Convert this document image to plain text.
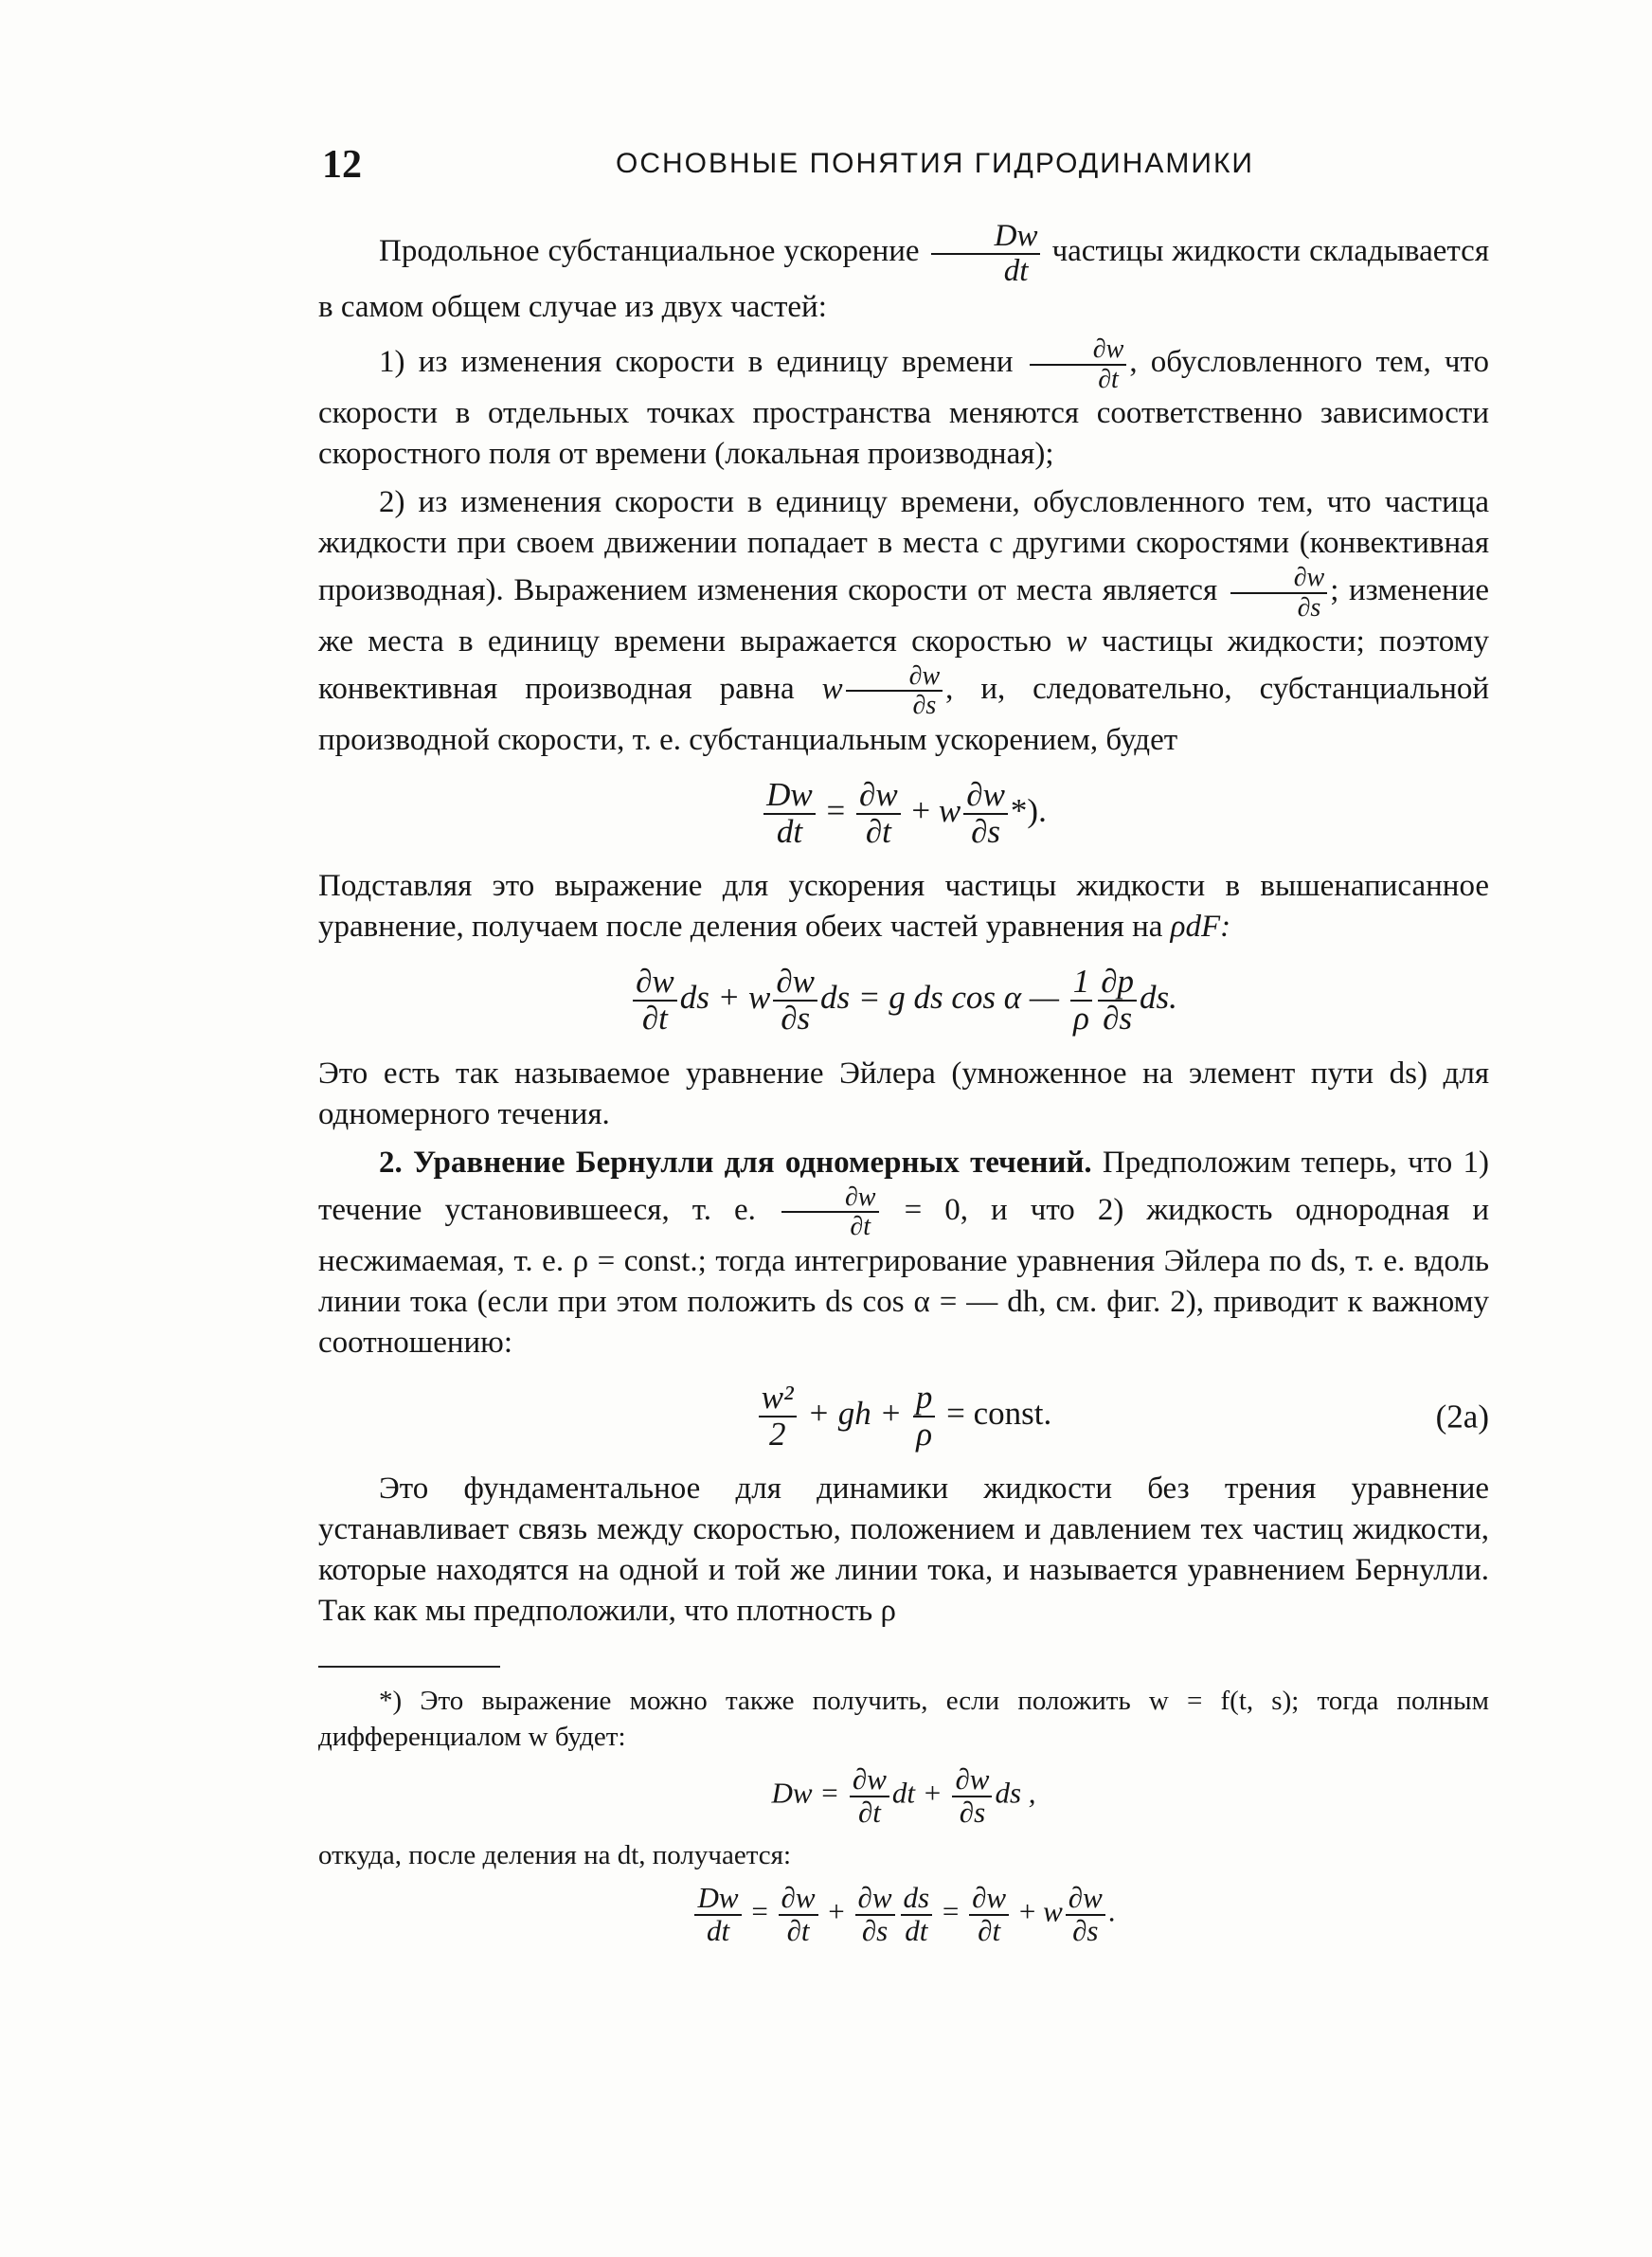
12	ОСНОВНЫЕ ПОНЯТИЯ ГИДРОДИНАМИКИ

Продольное субстанциальное ускорение $\frac{Dw}{dt}$ частицы жидкости складывается в самом общем случае из двух частей:

1) из изменения скорости в единицу времени $\frac{\partial w}{\partial t}$ , обусловленного тем, что скорости в отдельных точках пространства меняются соответственно зависимости скоростного поля от времени (локальная производная);

2) из изменения скорости в единицу времени, обусловленного тем, что частица жидкости при своем движении попадает в места с другими скоростями (конвективная производная). Выражением изменения скорости от места является $\frac{\partial w}{\partial s}$ ; изменение же места в единицу времени выражается скоростью w частицы жидкости; поэтому конвективная производная равна w $\frac{\partial w}{\partial s}$ , и, следовательно, субстанциальной производной скорости, т. е. субстанциальным ускорением, будет

$\frac{Dw}{dt} = \frac{\partial w}{\partial t} + w \frac{\partial w}{\partial s}$ *).

Подставляя это выражение для ускорения частицы жидкости в вышенаписанное уравнение, получаем после деления обеих частей уравнения на ρdF:

$\frac{\partial w}{\partial t}$ ds + w $\frac{\partial w}{\partial s}$ ds = g ds cos α — $\frac{1}{\rho} \frac{\partial p}{\partial s}$ ds.

Это есть так называемое уравнение Эйлера (умноженное на элемент пути ds) для одномерного течения.

2. Уравнение Бернулли для одномерных течений. Предположим теперь, что 1) течение установившееся, т. е. $\frac{\partial w}{\partial t} = 0$, и что 2) жидкость однородная и несжимаемая, т. е. ρ = const.; тогда интегрирование уравнения Эйлера по ds, т. е. вдоль линии тока (если при этом положить ds cos α = — dh, см. фиг. 2), приводит к важному соотношению:

$\frac{\text{w²}}{2}$ + gh + $\frac{p}{\rho}$ = const.	(2a)

Это фундаментальное для динамики жидкости без трения уравнение устанавливает связь между скоростью, положением и давлением тех частиц жидкости, которые находятся на одной и той же линии тока, и называется уравнением Бернулли. Так как мы предположили, что плотность ρ

*) Это выражение можно также получить, если положить w = f(t, s); тогда полным дифференциалом w будет:

$Dw = \frac{\partial w}{\partial t}$ dt + $\frac{\partial w}{\partial s}$ ds ,

откуда, после деления на dt, получается:

$\frac{Dw}{dt} = \frac{\partial w}{\partial t} + \frac{\partial w}{\partial s} \frac{ds}{dt} = \frac{\partial w}{\partial t} + w \frac{\partial w}{\partial s}$ .
